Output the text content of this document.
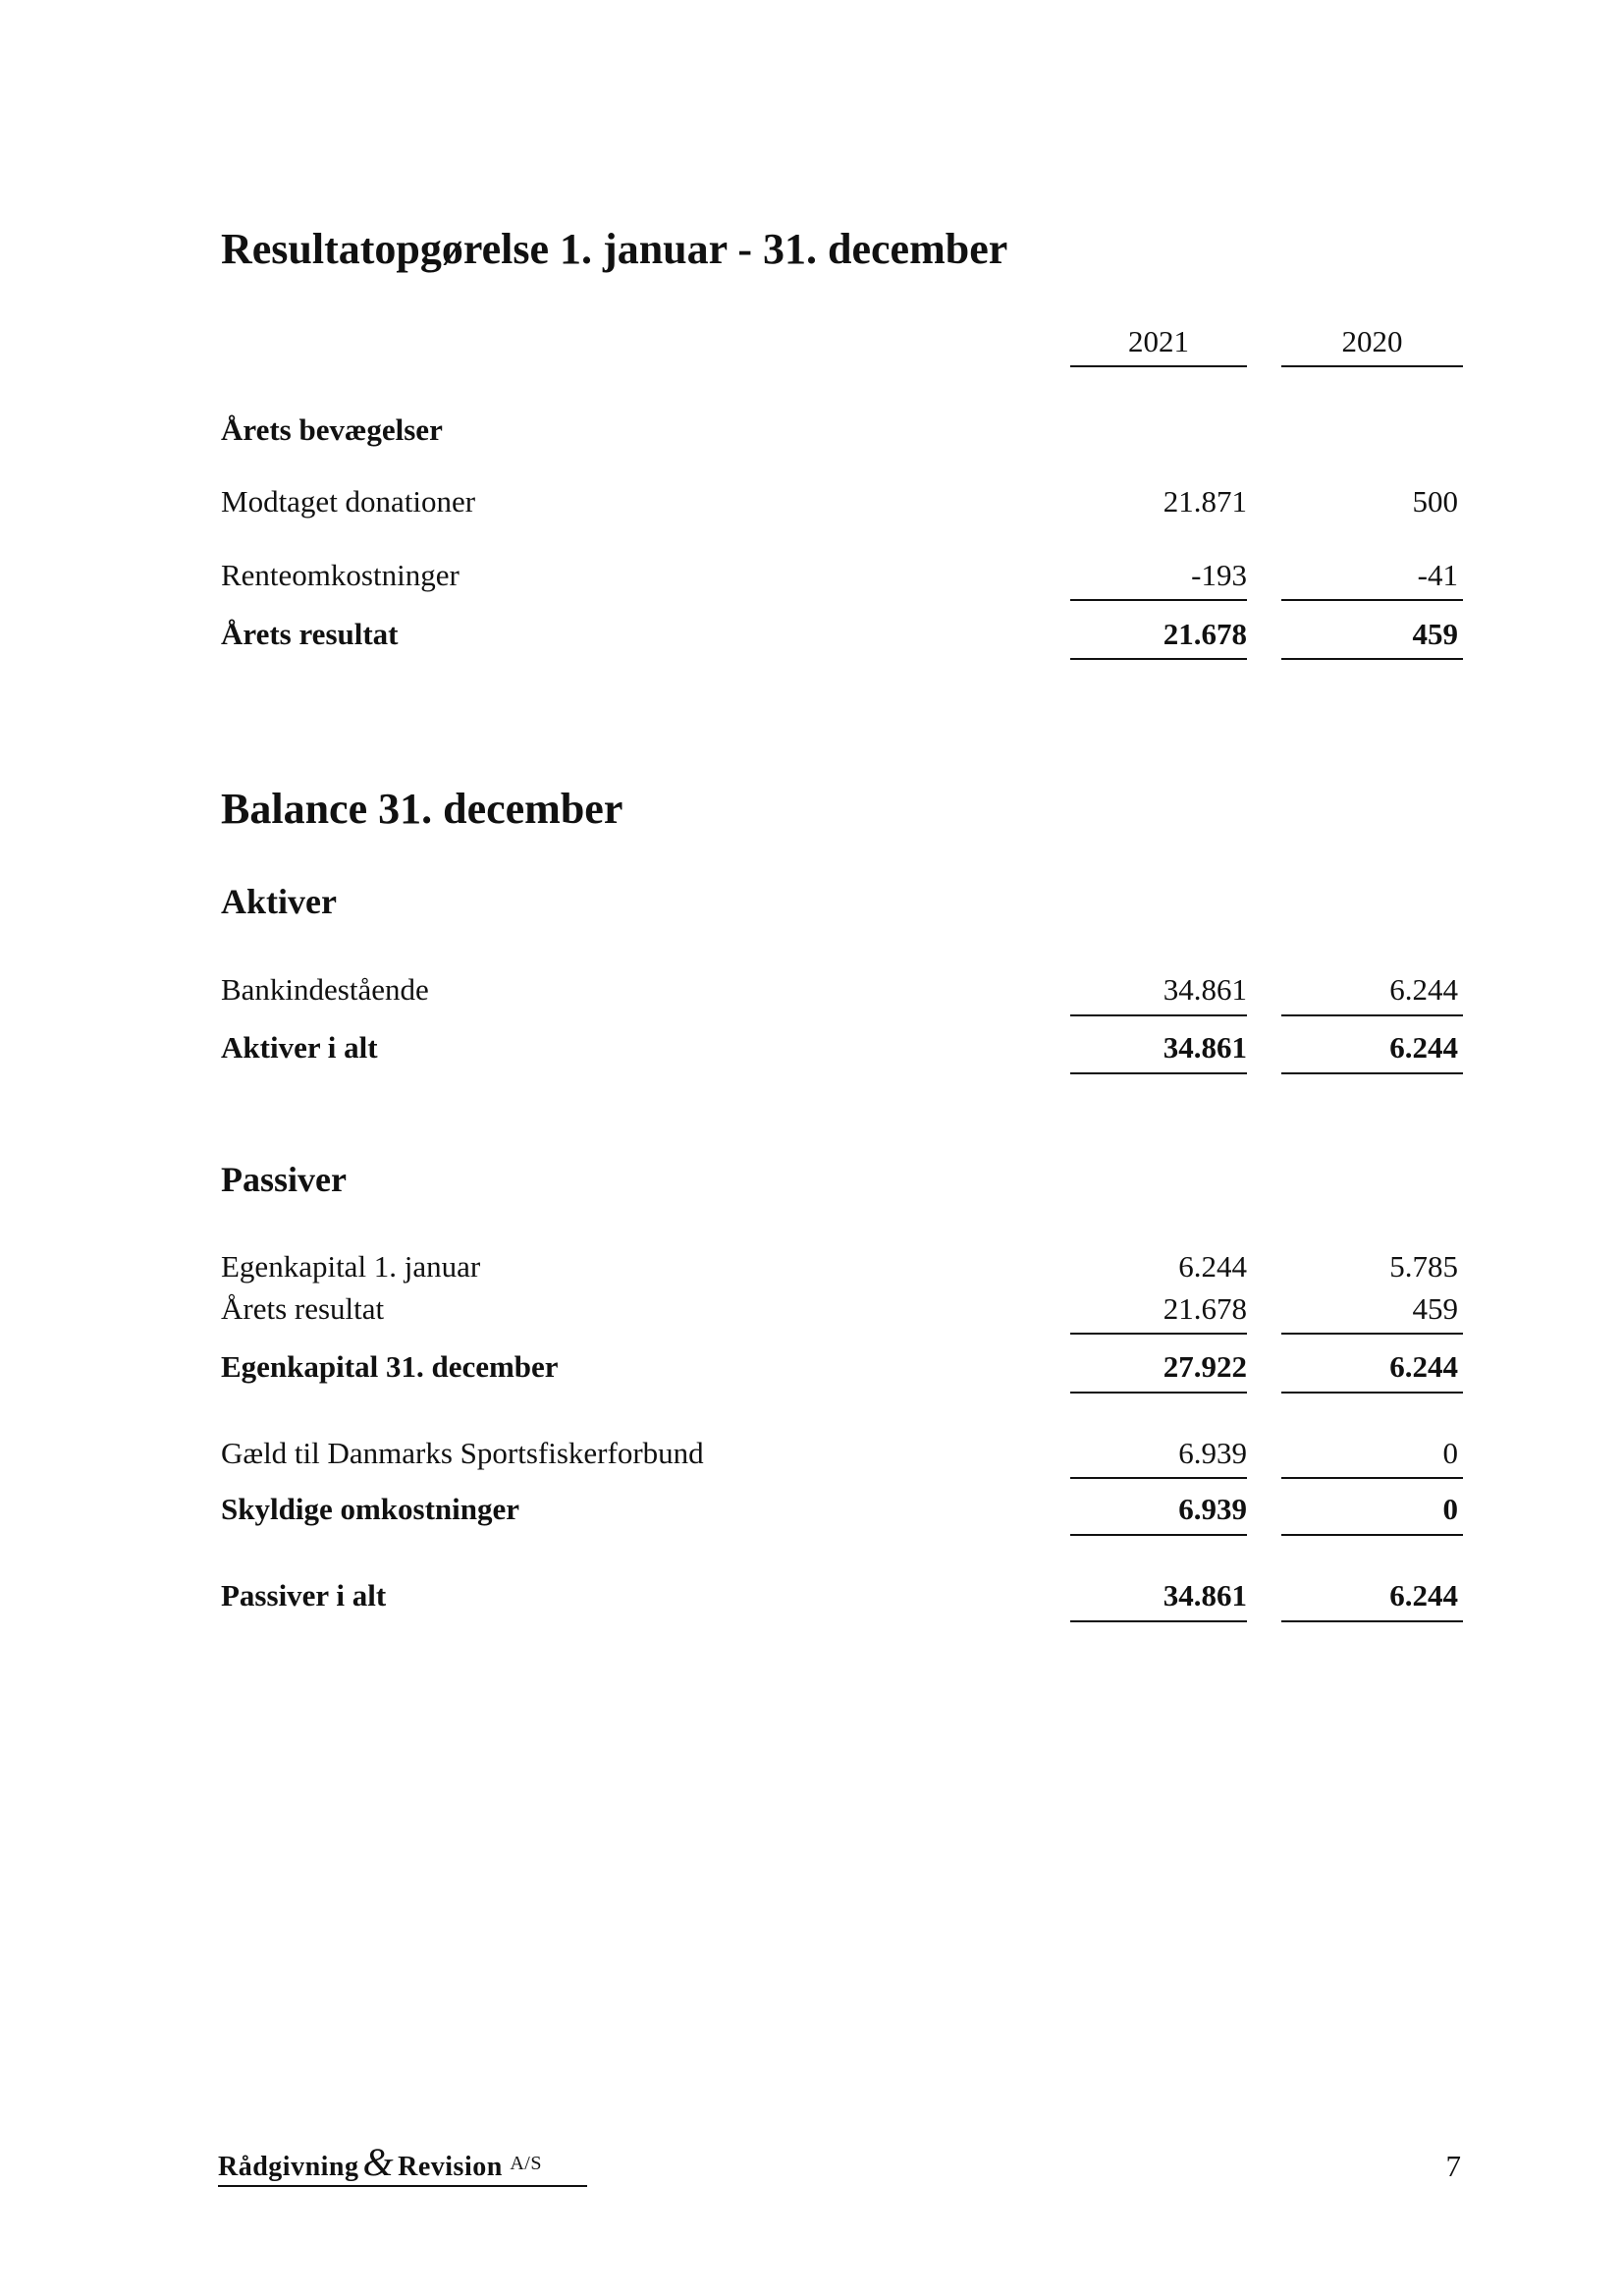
Resultatopgørelse 1. januar - 31. december
2021	2020
Årets bevægelser
Modtaget donationer	21.871	500
Renteomkostninger	-193	-41
Årets resultat	21.678	459
Balance 31. december
Aktiver
Bankindestående	34.861	6.244
Aktiver i alt	34.861	6.244
Passiver
Egenkapital 1. januar	6.244	5.785
Årets resultat	21.678	459
Egenkapital 31. december	27.922	6.244
Gæld til Danmarks Sportsfiskerforbund	6.939	0
Skyldige omkostninger	6.939	0
Passiver i alt	34.861	6.244
Rådgivning & Revision $^{A/S}$	7
